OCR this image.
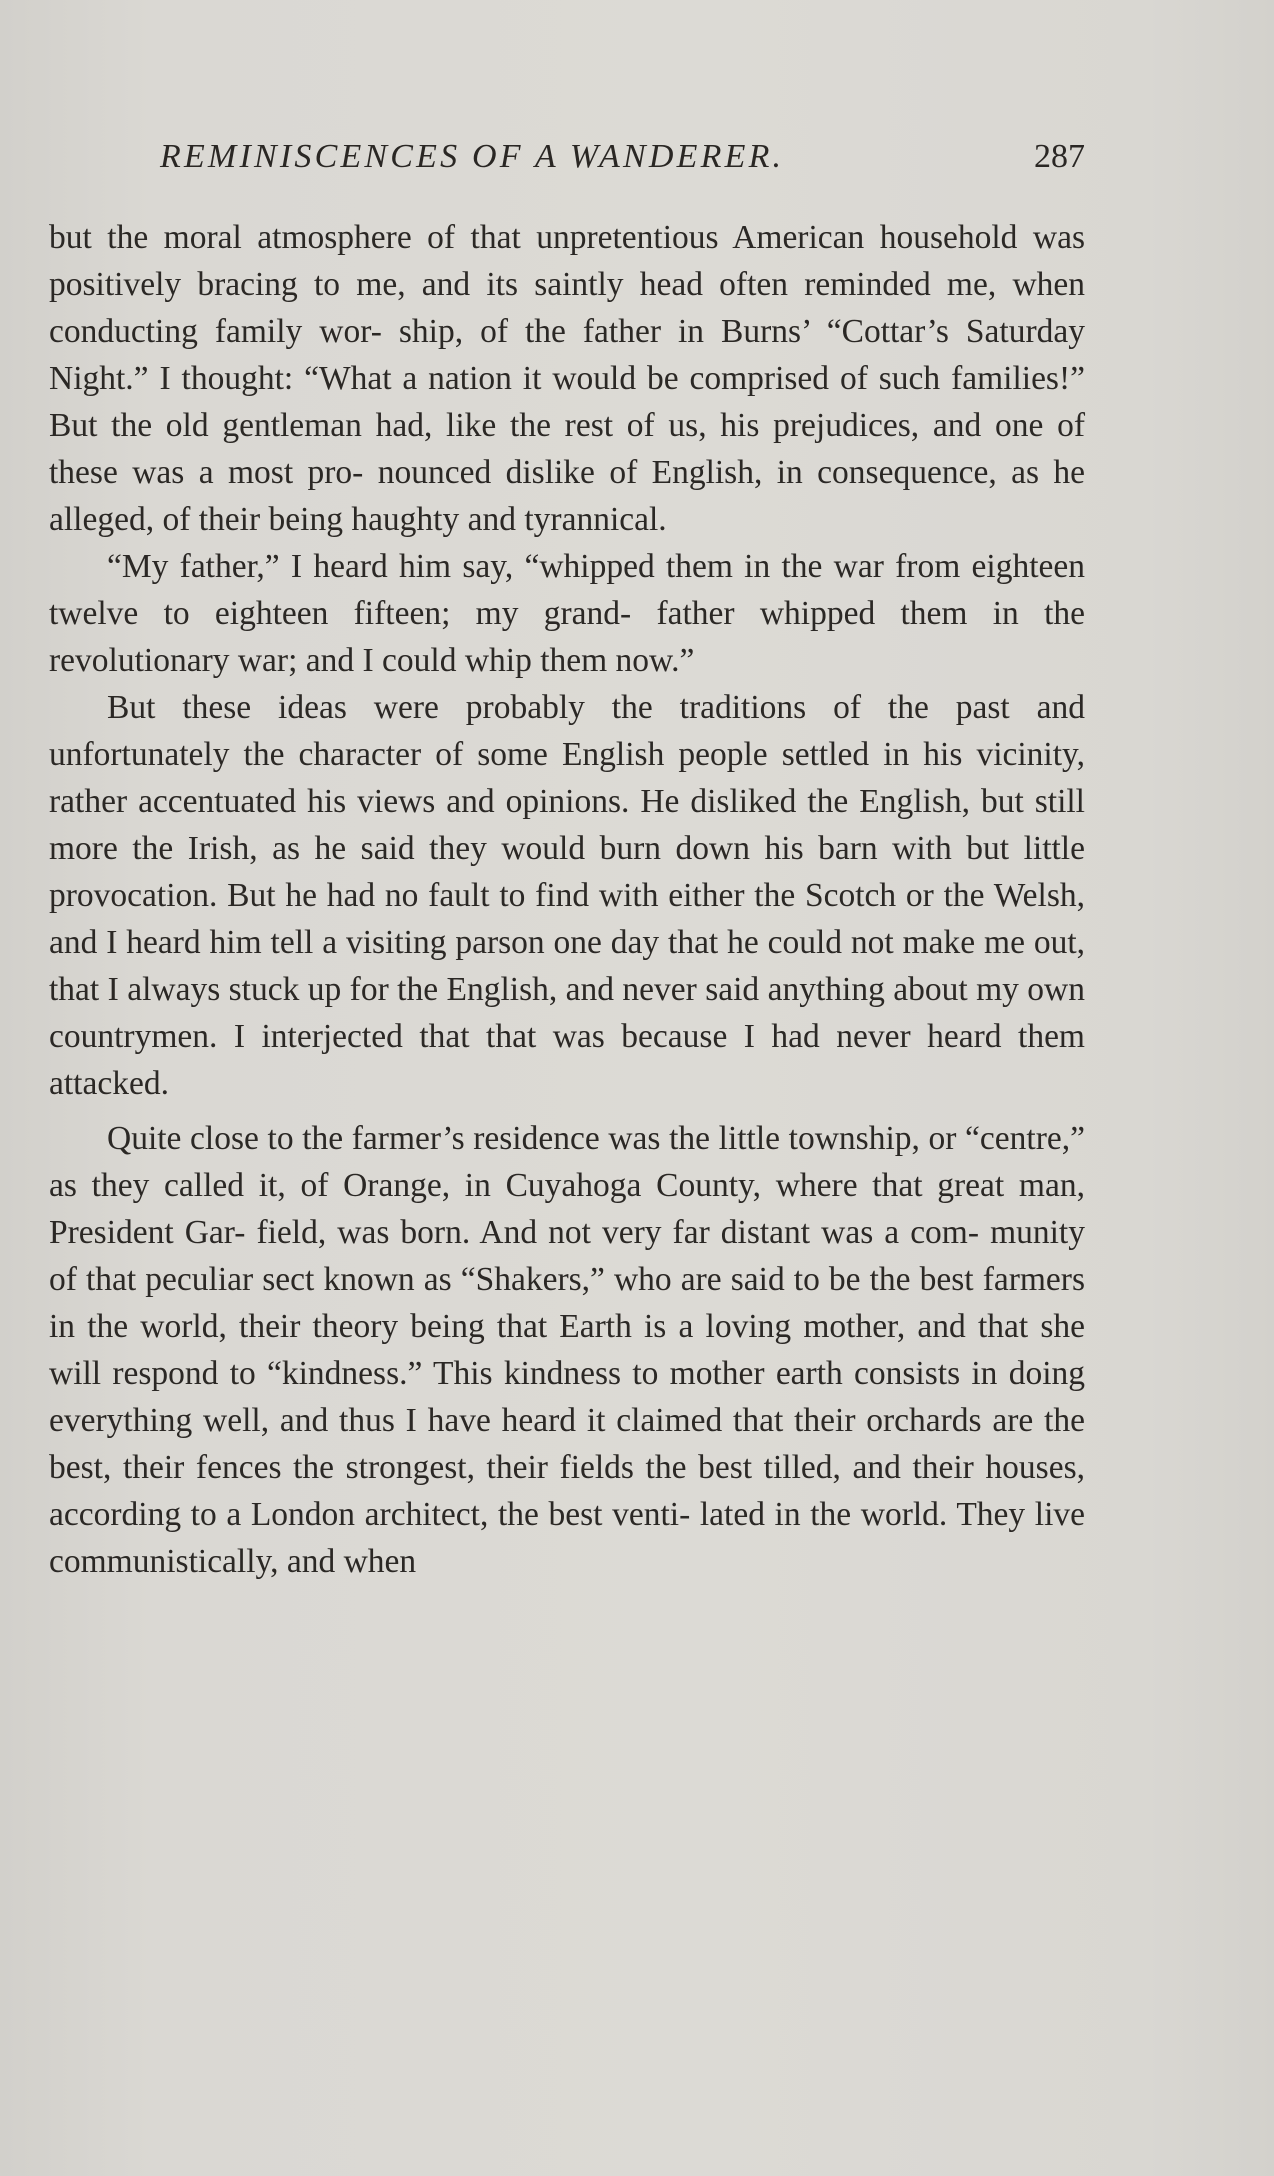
REMINISCENCES OF A WANDERER.	287

but the moral atmosphere of that unpretentious American household was positively bracing to me, and its saintly head often reminded me, when conducting family wor- ship, of the father in Burns’ “Cottar’s Saturday Night.” I thought: “What a nation it would be comprised of such families!” But the old gentleman had, like the rest of us, his prejudices, and one of these was a most pro- nounced dislike of English, in consequence, as he alleged, of their being haughty and tyrannical.

“My father,” I heard him say, “whipped them in the war from eighteen twelve to eighteen fifteen; my grand- father whipped them in the revolutionary war; and I could whip them now.”

But these ideas were probably the traditions of the past and unfortunately the character of some English people settled in his vicinity, rather accentuated his views and opinions. He disliked the English, but still more the Irish, as he said they would burn down his barn with but little provocation. But he had no fault to find with either the Scotch or the Welsh, and I heard him tell a visiting parson one day that he could not make me out, that I always stuck up for the English, and never said anything about my own countrymen. I interjected that that was because I had never heard them attacked.

Quite close to the farmer’s residence was the little township, or “centre,” as they called it, of Orange, in Cuyahoga County, where that great man, President Gar- field, was born. And not very far distant was a com- munity of that peculiar sect known as “Shakers,” who are said to be the best farmers in the world, their theory being that Earth is a loving mother, and that she will respond to “kindness.” This kindness to mother earth consists in doing everything well, and thus I have heard it claimed that their orchards are the best, their fences the strongest, their fields the best tilled, and their houses, according to a London architect, the best venti- lated in the world. They live communistically, and when
